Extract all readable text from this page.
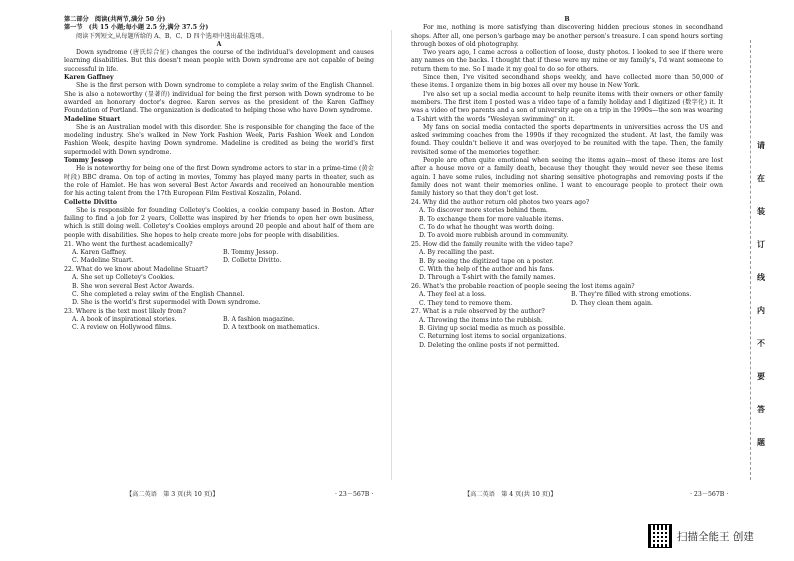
第二部分　阅读(共两节,满分 50 分)

第一节　(共 15 小题;每小题 2.5 分,满分 37.5 分)

阅读下列短文,从每题所给的 A、B、C、D 四个选项中选出最佳选项。

A

Down syndrome (唐氏综合征) changes the course of the individual's development and causes learning disabilities. But this doesn't mean people with Down syndrome are not capable of being successful in life.

Karen Gaffney

She is the first person with Down syndrome to complete a relay swim of the English Channel. She is also a noteworthy (显著的) individual for being the first person with Down syndrome to be awarded an honorary doctor's degree. Karen serves as the president of the Karen Gaffney Foundation of Portland. The organization is dedicated to helping those who have Down syndrome.

Madeline Stuart

She is an Australian model with this disorder. She is responsible for changing the face of the modeling industry. She's walked in New York Fashion Week, Paris Fashion Week and London Fashion Week, despite having Down syndrome. Madeline is credited as being the world's first supermodel with Down syndrome.

Tommy Jessop

He is noteworthy for being one of the first Down syndrome actors to star in a prime-time (黄金时段) BBC drama. On top of acting in movies, Tommy has played many parts in theater, such as the role of Hamlet. He has won several Best Actor Awards and received an honourable mention for his acting talent from the 17th European Film Festival Koszalin, Poland.

Collette Divitto

She is responsible for founding Colletey's Cookies, a cookie company based in Boston. After failing to find a job for 2 years, Collette was inspired by her friends to open her own business, which is still doing well. Colletey's Cookies employs around 20 people and about half of them are people with disabilities. She hopes to help create more jobs for people with disabilities.

21. Who went the furthest academically?

A. Karen Gaffney.	B. Tommy Jessop.
C. Madeline Stuart.	D. Collette Divitto.

22. What do we know about Madeline Stuart?

A. She set up Colletey's Cookies.

B. She won several Best Actor Awards.

C. She completed a relay swim of the English Channel.

D. She is the world's first supermodel with Down syndrome.

23. Where is the text most likely from?

A. A book of inspirational stories.	B. A fashion magazine.
C. A review on Hollywood films.	D. A textbook on mathematics.

B

For me, nothing is more satisfying than discovering hidden precious stones in secondhand shops. After all, one person's garbage may be another person's treasure. I can spend hours sorting through boxes of old photography.

Two years ago, I came across a collection of loose, dusty photos. I looked to see if there were any names on the backs. I thought that if these were my mine or my family's, I'd want someone to return them to me. So I made it my goal to do so for others.

Since then, I've visited secondhand shops weekly, and have collected more than 50,000 of these items. I organize them in big boxes all over my house in New York.

I've also set up a social media account to help reunite items with their owners or other family members. The first item I posted was a video tape of a family holiday and I digitized (数字化) it. It was a video of two parents and a son of university age on a trip in the 1990s—the son was wearing a T-shirt with the words "Wesleyan swimming" on it.

My fans on social media contacted the sports departments in universities across the US and asked swimming coaches from the 1990s if they recognized the student. At last, the family was found. They couldn't believe it and was overjoyed to be reunited with the tape. Then, the family revisited some of the memories together.

People are often quite emotional when seeing the items again—most of these items are lost after a house move or a family death, because they thought they would never see these items again. I have some rules, including not sharing sensitive photographs and removing posts if the family does not want their memories online. I want to encourage people to protect their own family history so that they don't get lost.

24. Why did the author return old photos two years ago?

A. To discover more stories behind them.

B. To exchange them for more valuable items.

C. To do what he thought was worth doing.

D. To avoid more rubbish around in community.

25. How did the family reunite with the video tape?

A. By recalling the past.

B. By seeing the digitized tape on a poster.

C. With the help of the author and his fans.

D. Through a T-shirt with the family names.

26. What's the probable reaction of people seeing the lost items again?

A. They feel at a loss.	B. They're filled with strong emotions.
C. They tend to remove them.	D. They clean them again.

27. What is a rule observed by the author?

A. Throwing the items into the rubbish.

B. Giving up social media as much as possible.

C. Returning lost items to social organizations.

D. Deleting the online posts if not permitted.

【高二英语　第 3 页(共 10 页)】	· 23－567B ·	【高二英语　第 4 页(共 10 页)】	· 23－567B ·
请
在
装
订
线
内
不
要
答
题
扫描全能王 创建
